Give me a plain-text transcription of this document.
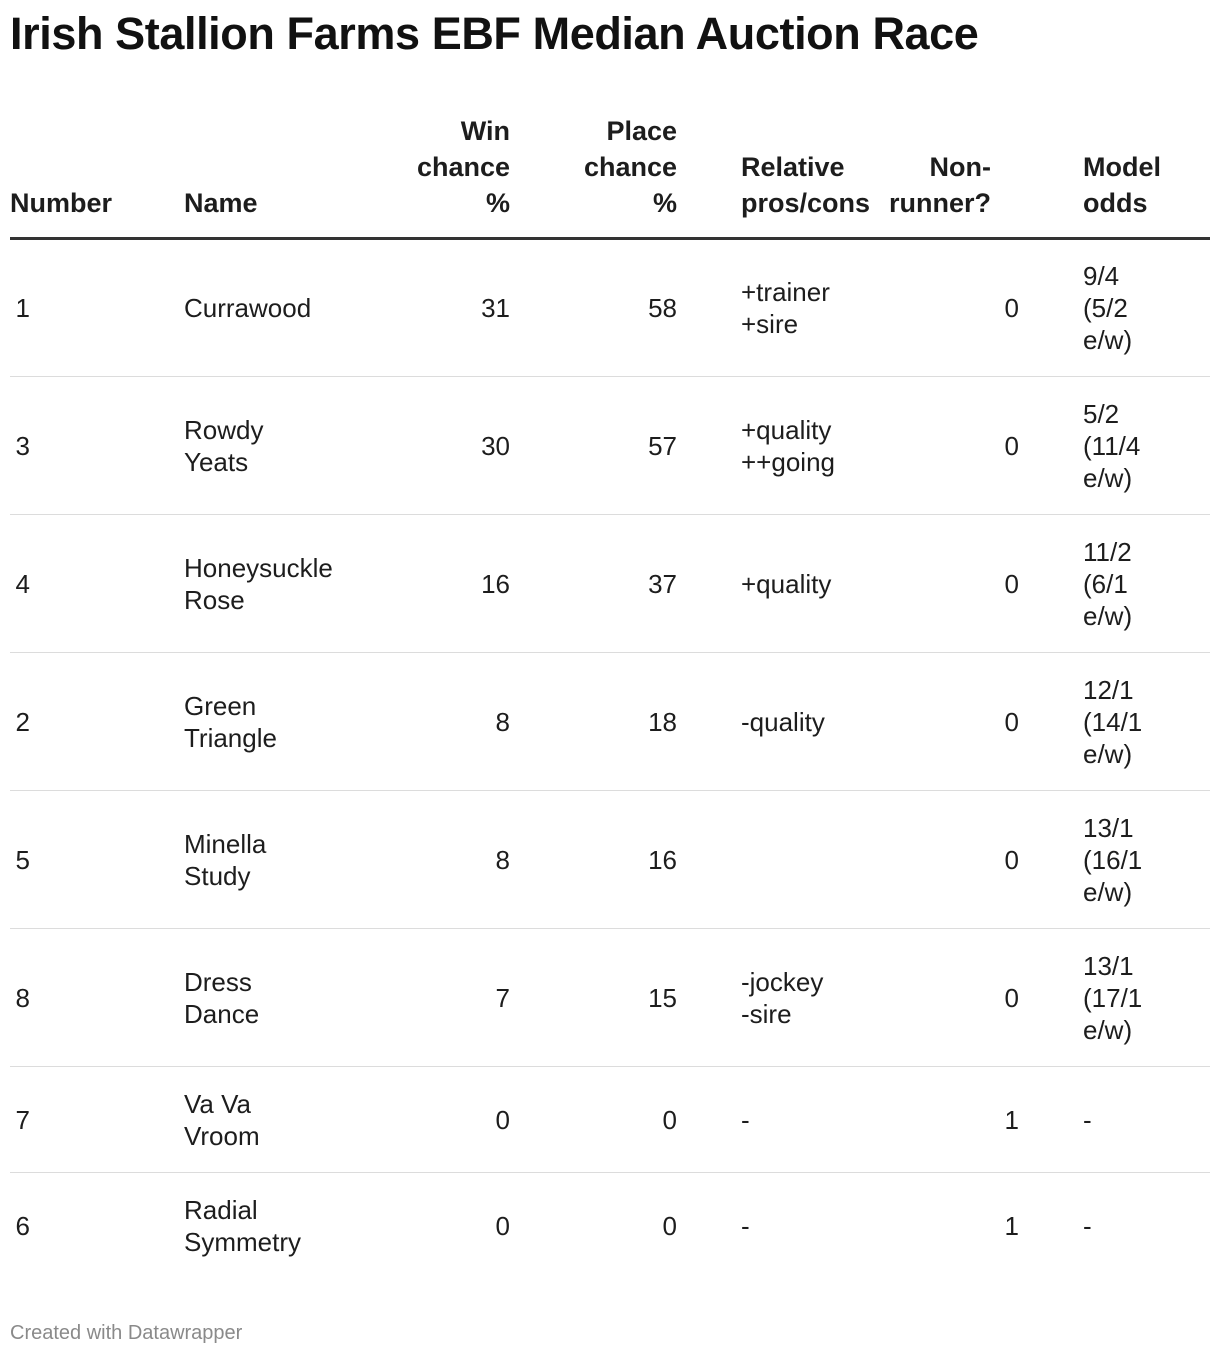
Irish Stallion Farms EBF Median Auction Race
Number	Name	Win
chance
%	Place
chance
%	Relative
pros/cons	Non-
runner?	Model
odds

1	Currawood	31	58	+trainer
+sire	0	9/4
(5/2
e/w)

3	Rowdy
Yeats	30	57	+quality
++going	0	5/2
(11/4
e/w)

4	Honeysuckle
Rose	16	37	+quality	0	11/2
(6/1
e/w)

2	Green
Triangle	8	18	-quality	0	12/1
(14/1
e/w)

5	Minella
Study	8	16		0	13/1
(16/1
e/w)

8	Dress Dance	7	15	-jockey
-sire	0	13/1
(17/1
e/w)

7	Va Va
Vroom	0	0	-	1	-

6	Radial
Symmetry	0	0	-	1	-
Created with Datawrapper
